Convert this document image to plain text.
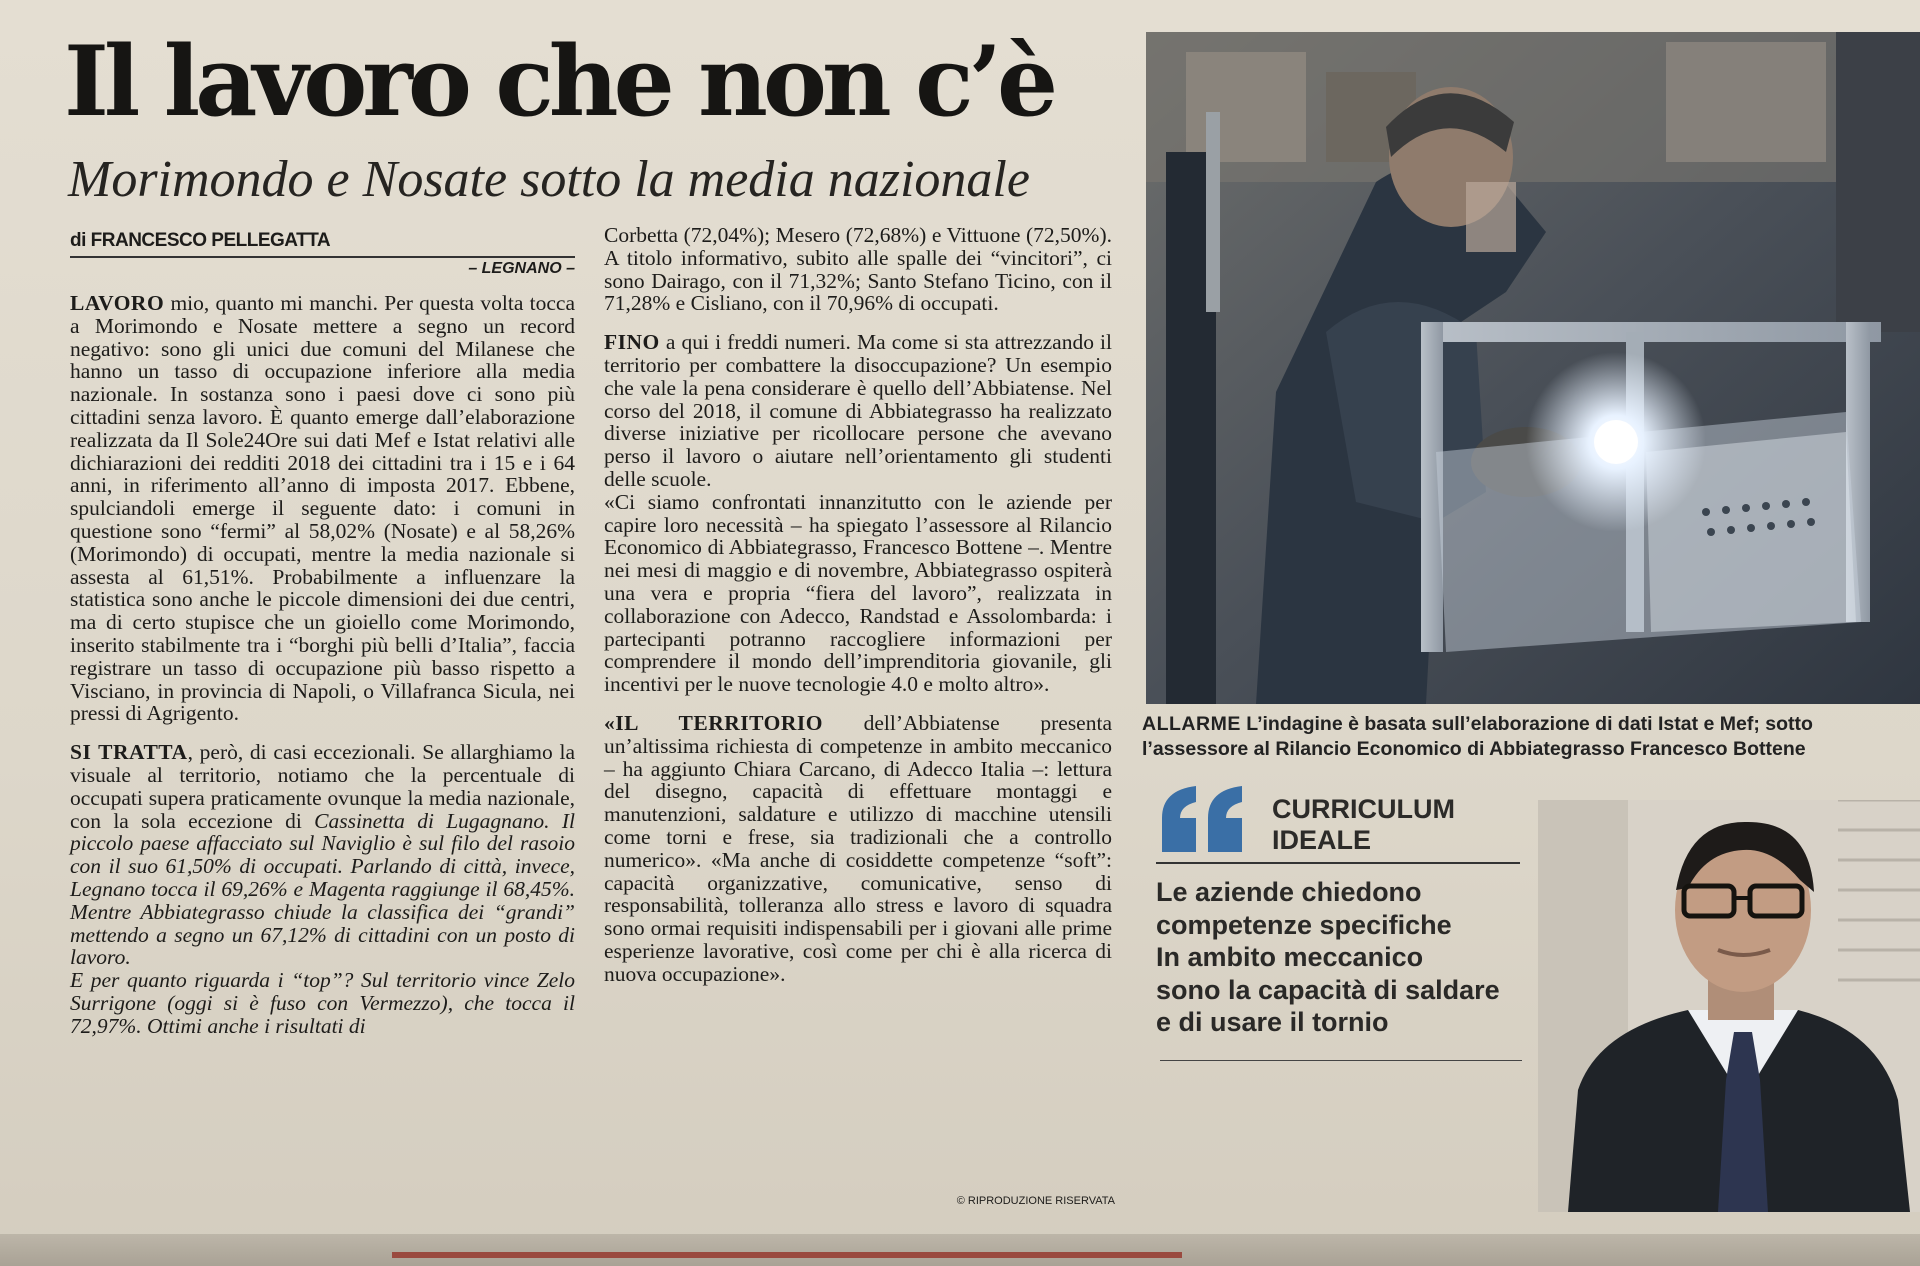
Il lavoro che non c’è
Morimondo e Nosate sotto la media nazionale
di FRANCESCO PELLEGATTA
– LEGNANO –

LAVORO mio, quanto mi manchi. Per questa volta tocca a Morimondo e Nosate mettere a segno un record negativo: sono gli unici due comuni del Milanese che hanno un tasso di occupazione inferiore alla media nazionale. In sostanza sono i paesi dove ci sono più cittadini senza lavoro. È quanto emerge dall’elaborazione realizzata da Il Sole24Ore sui dati Mef e Istat relativi alle dichiarazioni dei redditi 2018 dei cittadini tra i 15 e i 64 anni, in riferimento all’anno di imposta 2017. Ebbene, spulciandoli emerge il seguente dato: i comuni in questione sono “fermi” al 58,02% (Nosate) e al 58,26% (Morimondo) di occupati, mentre la media nazionale si assesta al 61,51%. Probabilmente a influenzare la statistica sono anche le piccole dimensioni dei due centri, ma di certo stupisce che un gioiello come Morimondo, inserito stabilmente tra i “borghi più belli d’Italia”, faccia registrare un tasso di occupazione più basso rispetto a Visciano, in provincia di Napoli, o Villafranca Sicula, nei pressi di Agrigento.

SI TRATTA, però, di casi eccezionali. Se allarghiamo la visuale al territorio, notiamo che la percentuale di occupati supera praticamente ovunque la media nazionale, con la sola eccezione di Cassinetta di Lugagnano. Il piccolo paese affacciato sul Naviglio è sul filo del rasoio con il suo 61,50% di occupati. Parlando di città, invece, Legnano tocca il 69,26% e Magenta raggiunge il 68,45%. Mentre Abbiategrasso chiude la classifica dei “grandi” mettendo a segno un 67,12% di cittadini con un posto di lavoro.

E per quanto riguarda i “top”? Sul territorio vince Zelo Surrigone (oggi si è fuso con Vermezzo), che tocca il 72,97%. Ottimi anche i risultati di

Corbetta (72,04%); Mesero (72,68%) e Vittuone (72,50%). A titolo informativo, subito alle spalle dei “vincitori”, ci sono Dairago, con il 71,32%; Santo Stefano Ticino, con il 71,28% e Cisliano, con il 70,96% di occupati.

FINO a qui i freddi numeri. Ma come si sta attrezzando il territorio per combattere la disoccupazione? Un esempio che vale la pena considerare è quello dell’Abbiatense. Nel corso del 2018, il comune di Abbiategrasso ha realizzato diverse iniziative per ricollocare persone che avevano perso il lavoro o aiutare nell’orientamento gli studenti delle scuole.

«Ci siamo confrontati innanzitutto con le aziende per capire loro necessità – ha spiegato l’assessore al Rilancio Economico di Abbiategrasso, Francesco Bottene –. Mentre nei mesi di maggio e di novembre, Abbiategrasso ospiterà una vera e propria “fiera del lavoro”, realizzata in collaborazione con Adecco, Randstad e Assolombarda: i partecipanti potranno raccogliere informazioni per comprendere il mondo dell’imprenditoria giovanile, gli incentivi per le nuove tecnologie 4.0 e molto altro».

«IL TERRITORIO dell’Abbiatense presenta un’altissima richiesta di competenze in ambito meccanico – ha aggiunto Chiara Carcano, di Adecco Italia –: lettura del disegno, capacità di effettuare montaggi e manutenzioni, saldature e utilizzo di macchine utensili come torni e frese, sia tradizionali che a controllo numerico». «Ma anche di cosiddette competenze “soft”: capacità organizzative, comunicative, senso di responsabilità, tolleranza allo stress e lavoro di squadra sono ormai requisiti indispensabili per i giovani alle prime esperienze lavorative, così come per chi è alla ricerca di nuova occupazione».

© RIPRODUZIONE RISERVATA
ALLARME L’indagine è basata sull’elaborazione di dati Istat e Mef; sotto
l’assessore al Rilancio Economico di Abbiategrasso Francesco Bottene
CURRICULUM
IDEALE
Le aziende chiedono
competenze specifiche
In ambito meccanico
sono la capacità di saldare
e di usare il tornio
